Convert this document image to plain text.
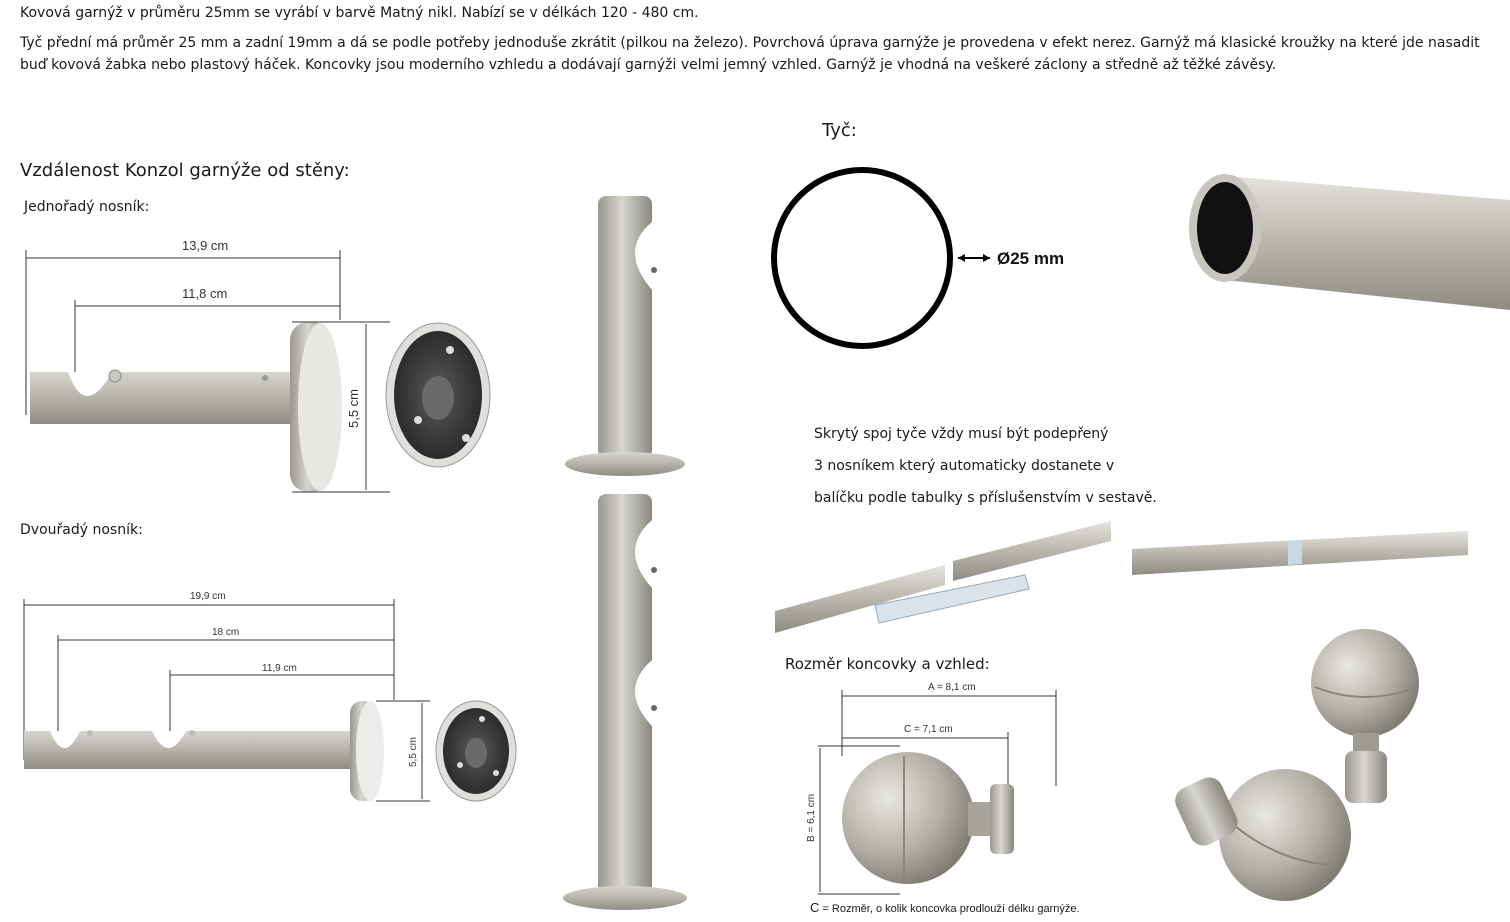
Kovová garnýž v průměru 25mm se vyrábí v barvě Matný nikl. Nabízí se v délkách 120 - 480 cm.

Tyč přední má průměr 25 mm a zadní 19mm a dá se podle potřeby jednoduše zkrátit (pilkou na železo). Povrchová úprava garnýže je provedena v efekt nerez. Garnýž má klasické kroužky na které jde nasadit buď kovová žabka nebo plastový háček. Koncovky jsou moderního vzhledu a dodávají garnýži velmi jemný vzhled. Garnýž je vhodná na veškeré záclony a středně až těžké závěsy.

Vzdálenost Konzol garnýže od stěny:
Jednořadý nosník:
Dvouřadý nosník:
13,9 cm
11,8 cm
5,5 cm
19,9 cm
18 cm
11,9 cm
5,5 cm
Tyč:
Ø25 mm
Skrytý spoj tyče vždy musí být podepřený
3 nosníkem který automaticky dostanete v
balíčku podle tabulky s příslušenstvím v sestavě.
Rozměr koncovky a vzhled:
A = 8,1 cm
C = 7,1 cm
B = 6,1 cm
C = Rozměr, o kolik koncovka prodlouží délku garnýže.
